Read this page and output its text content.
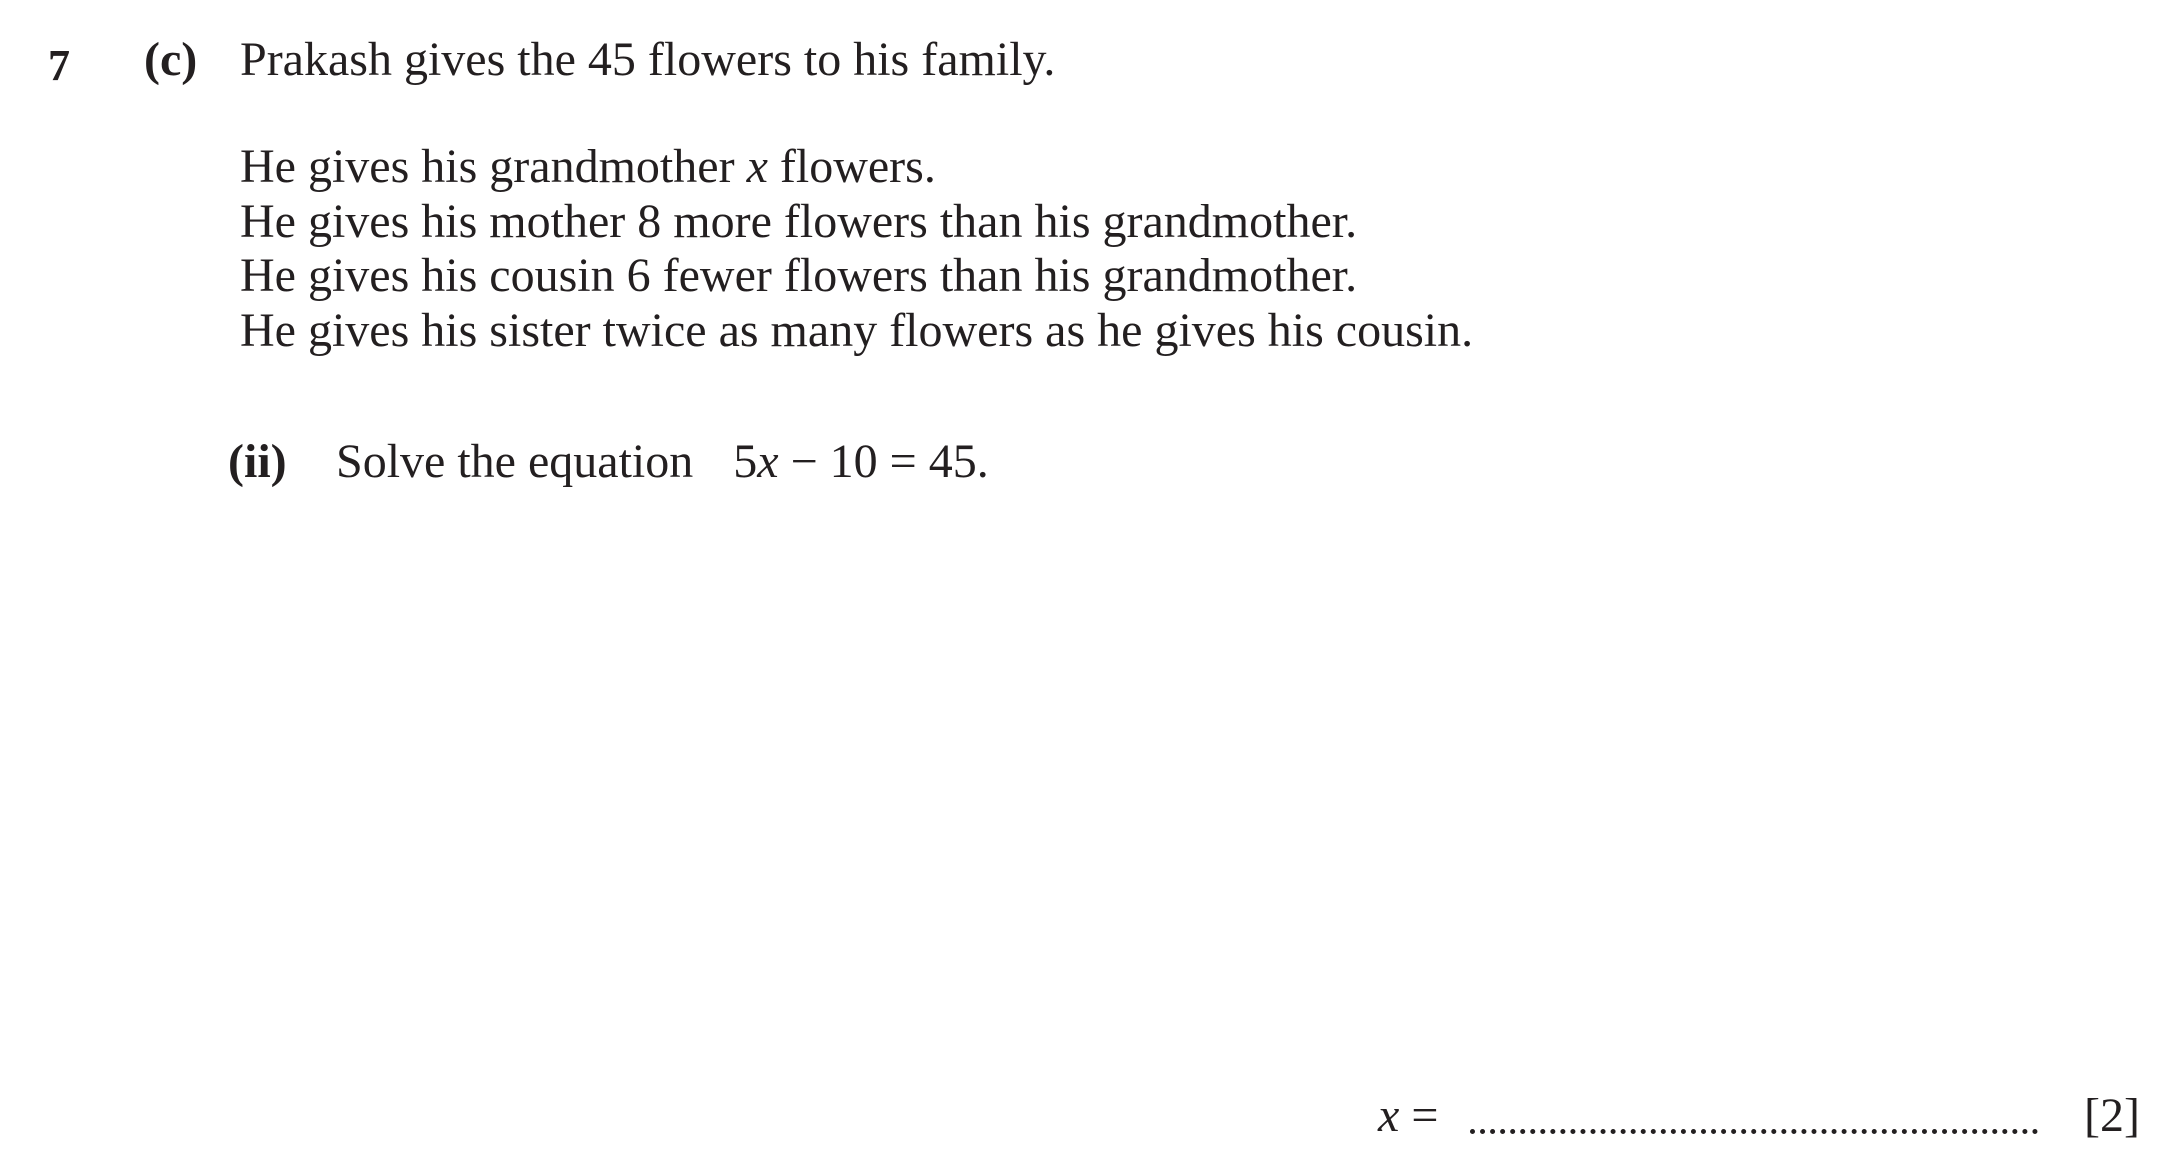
7 (c) Prakash gives the 45 flowers to his family.
He gives his grandmother x flowers.
He gives his mother 8 more flowers than his grandmother.
He gives his cousin 6 fewer flowers than his grandmother.
He gives his sister twice as many flowers as he gives his cousin.
(ii) Solve the equation 5x − 10 = 45.
x =	[2]
